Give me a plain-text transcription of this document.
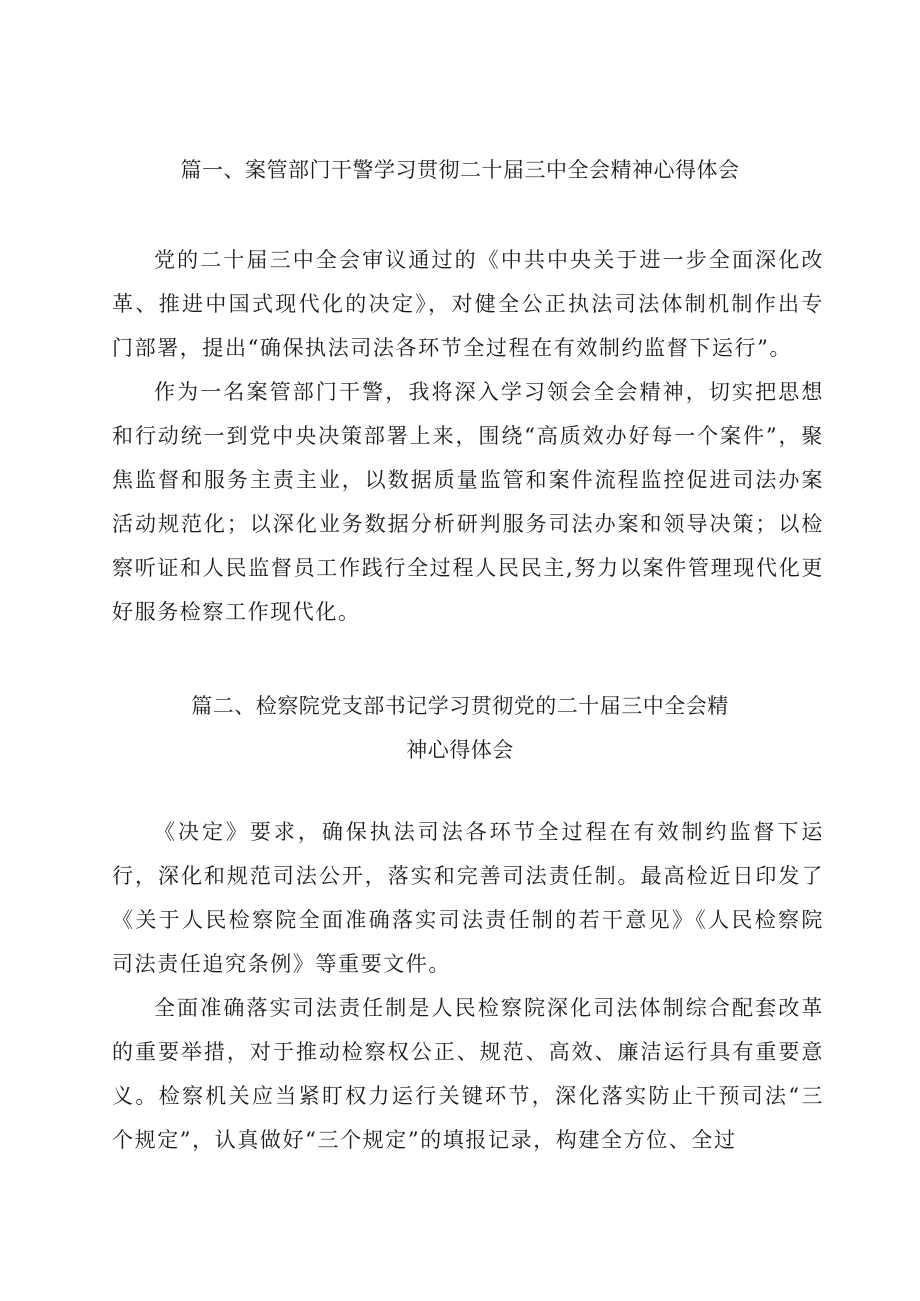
篇一、案管部门干警学习贯彻二十届三中全会精神心得体会

党的二十届三中全会审议通过的《中共中央关于进一步全面深化改革、推进中国式现代化的决定》，对健全公正执法司法体制机制作出专门部署，提出“确保执法司法各环节全过程在有效制约监督下运行”。

作为一名案管部门干警，我将深入学习领会全会精神，切实把思想和行动统一到党中央决策部署上来，围绕“高质效办好每一个案件”，聚焦监督和服务主责主业，以数据质量监管和案件流程监控促进司法办案活动规范化；以深化业务数据分析研判服务司法办案和领导决策；以检察听证和人民监督员工作践行全过程人民民主,努力以案件管理现代化更好服务检察工作现代化。

篇二、检察院党支部书记学习贯彻党的二十届三中全会精
神心得体会

《决定》要求，确保执法司法各环节全过程在有效制约监督下运行，深化和规范司法公开，落实和完善司法责任制。最高检近日印发了《关于人民检察院全面准确落实司法责任制的若干意见》《人民检察院司法责任追究条例》等重要文件。

全面准确落实司法责任制是人民检察院深化司法体制综合配套改革的重要举措，对于推动检察权公正、规范、高效、廉洁运行具有重要意义。检察机关应当紧盯权力运行关键环节，深化落实防止干预司法“三个规定”，认真做好“三个规定”的填报记录，构建全方位、全过
